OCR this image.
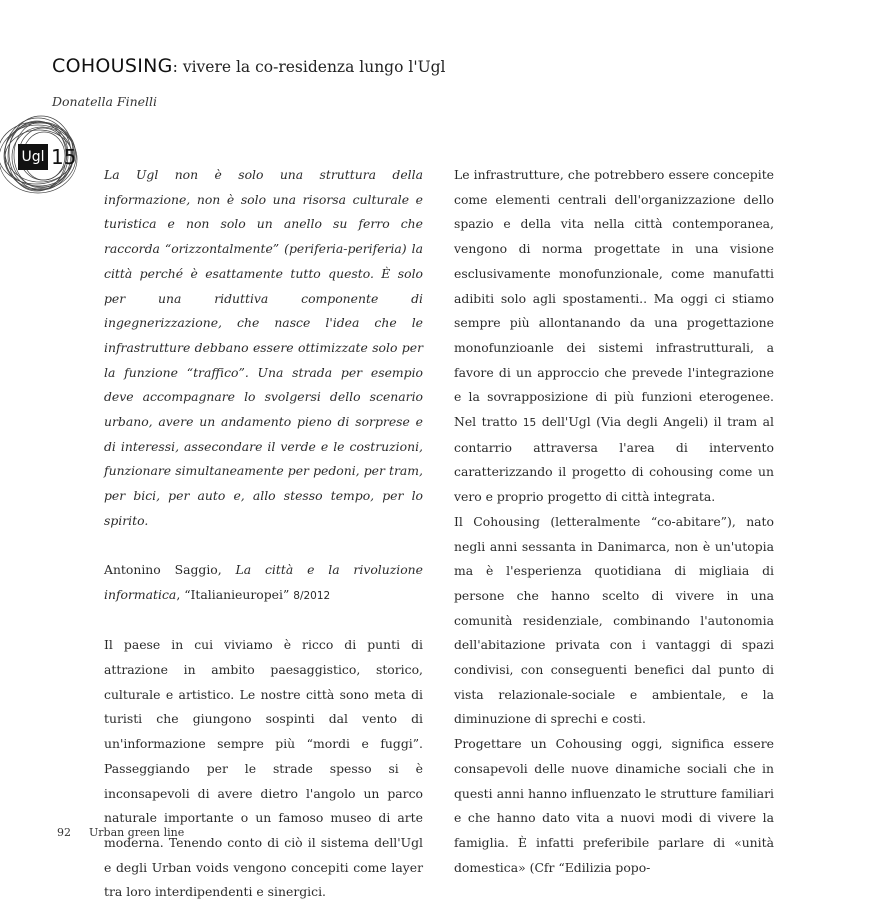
COHOUSING: vivere la co-residenza lungo l'Ugl
Donatella Finelli
Ugl 15

La Ugl non è solo una struttura della informazione, non è solo una risorsa culturale e turistica e non solo un anello su ferro che raccorda “orizzontalmente” (periferia-periferia) la città perché è esattamente tutto questo. È solo per una riduttiva componente di ingegnerizzazione, che nasce l'idea che le infrastrutture debbano essere ottimizzate solo per la funzione “traffico”. Una strada per esempio deve accompagnare lo svolgersi dello scenario urbano, avere un andamento pieno di sorprese e di interessi, assecondare il verde e le costruzioni, funzionare simultaneamente per pedoni, per tram, per bici, per auto e, allo stesso tempo, per lo spirito.

Antonino Saggio, La città e la rivoluzione informatica, “Italianieuropei” 8/2012

Il paese in cui viviamo è ricco di punti di attrazione in ambito paesaggistico, storico, culturale e artistico. Le nostre città sono meta di turisti che giungono sospinti dal vento di un'informazione sempre più “mordi e fuggi”. Passeggiando per le strade spesso si è inconsapevoli di avere dietro l'angolo un parco naturale importante o un famoso museo di arte moderna. Tenendo conto di ciò il sistema dell'Ugl e degli Urban voids vengono concepiti come layer tra loro interdipendenti e sinergici.

Le infrastrutture, che potrebbero essere concepite come elementi centrali dell'organizzazione dello spazio e della vita nella città contemporanea, vengono di norma progettate in una visione esclusivamente monofunzionale, come manufatti adibiti solo agli spostamenti.. Ma oggi ci stiamo sempre più allontanando da una progettazione monofunzioanle dei sistemi infrastrutturali, a favore di un approccio che prevede l'integrazione e la sovrapposizione di più funzioni eterogenee. Nel tratto 15 dell'Ugl (Via degli Angeli) il tram al contarrio attraversa l'area di intervento caratterizzando il progetto di cohousing come un vero e proprio progetto di città integrata.

Il Cohousing (letteralmente “co-abitare”), nato negli anni sessanta in Danimarca, non è un'utopia ma è l'esperienza quotidiana di migliaia di persone che hanno scelto di vivere in una comunità residenziale, combinando l'autonomia dell'abitazione privata con i vantaggi di spazi condivisi, con conseguenti benefici dal punto di vista relazionale-sociale e ambientale, e la diminuzione di sprechi e costi.

Progettare un Cohousing oggi, significa essere consapevoli delle nuove dinamiche sociali che in questi anni hanno influenzato le strutture familiari e che hanno dato vita a nuovi modi di vivere la famiglia. È infatti preferibile parlare di «unità domestica» (Cfr “Edilizia popo-

92 Urban green line
